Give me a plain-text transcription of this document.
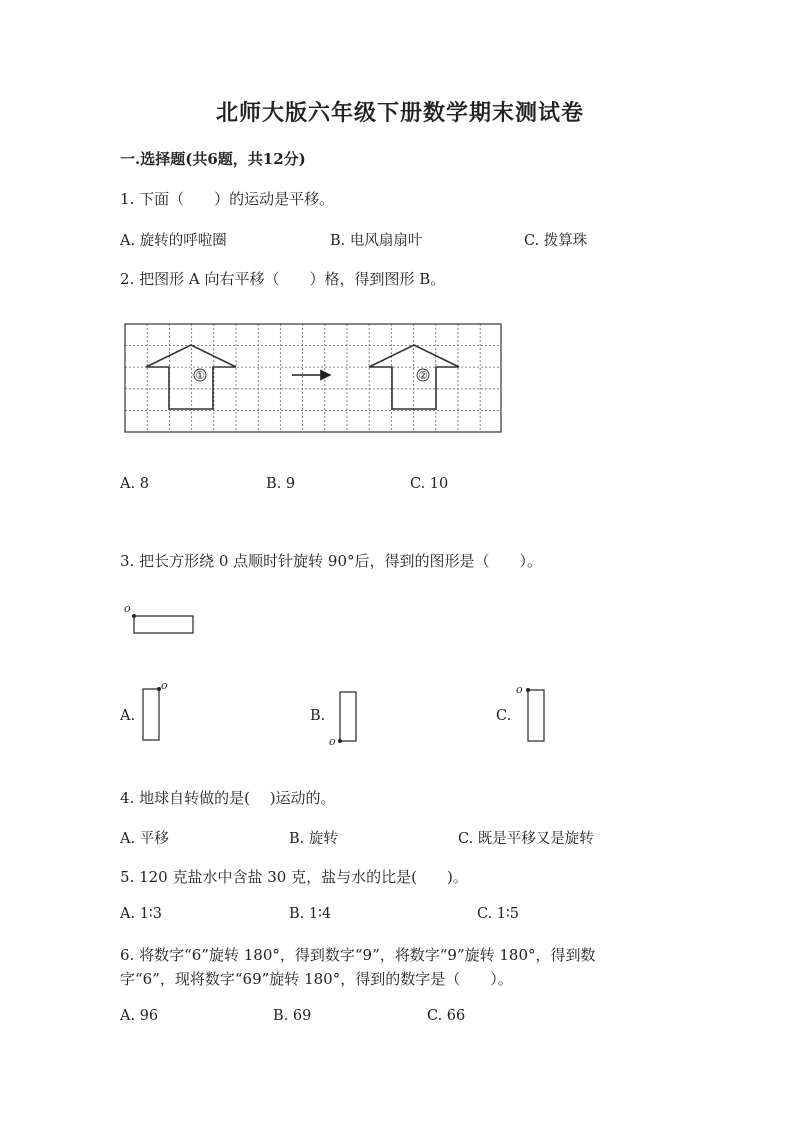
北师大版六年级下册数学期末测试卷
一.选择题(共6题，共12分)
1. 下面（　　）的运动是平移。
A. 旋转的呼啦圈	B. 电风扇扇叶	C. 拨算珠
2. 把图形 A 向右平移（　　）格，得到图形 B。
①	②
A. 8	B. 9	C. 10
3. 把长方形绕 0 点顺时针旋转 90°后，得到的图形是（　　）。
o
A.
o
B.
o
C.
o
4. 地球自转做的是(　 )运动的。
A. 平移	B. 旋转	C. 既是平移又是旋转
5. 120 克盐水中含盐 30 克，盐与水的比是(　　)。
A. 1∶3	B. 1∶4	C. 1∶5
6. 将数字“6”旋转 180°，得到数字“9”，将数字“9”旋转 180°，得到数
字“6”，现将数字“69”旋转 180°，得到的数字是（　　）。
A. 96	B. 69	C. 66
